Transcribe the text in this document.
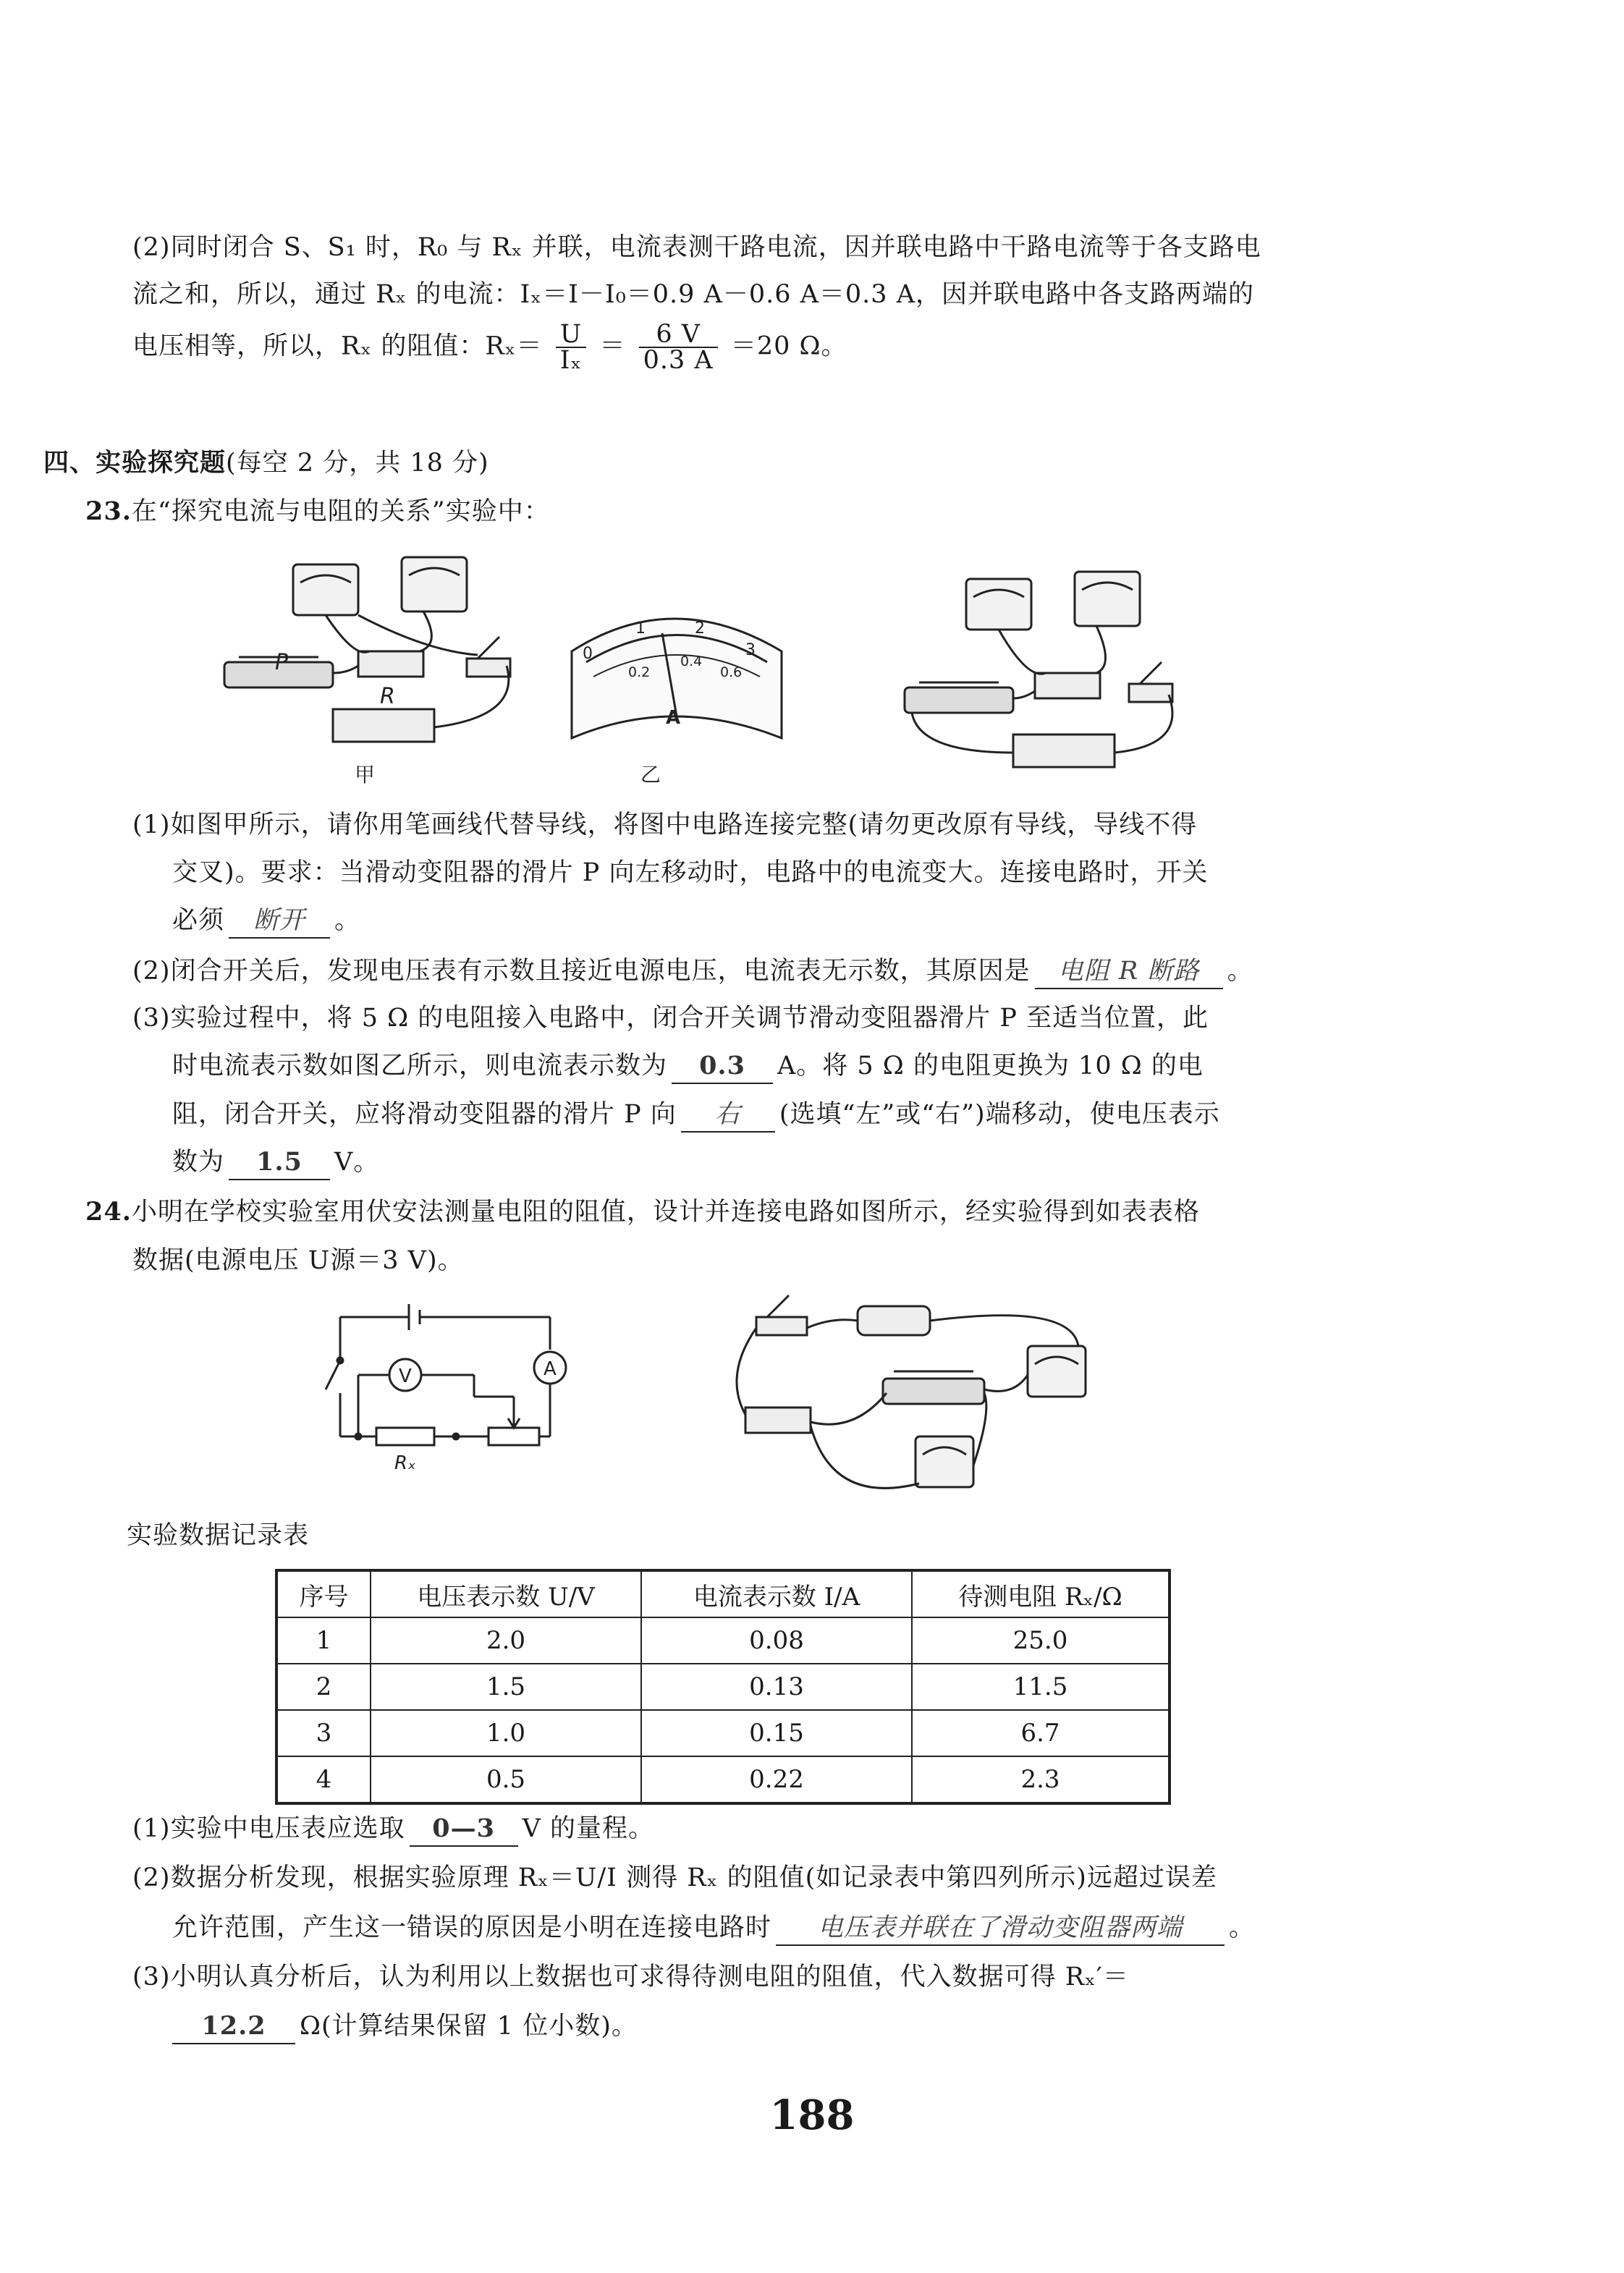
(2)同时闭合 S、S₁ 时，R₀ 与 Rₓ 并联，电流表测干路电流，因并联电路中干路电流等于各支路电
流之和，所以，通过 Rₓ 的电流：Iₓ＝I－I₀＝0.9 A－0.6 A＝0.3 A，因并联电路中各支路两端的
电压相等，所以，Rₓ 的阻值：$R_x= \frac{U}{\text{Iₓ}} = \frac{6 V}{0.3 A} =20$ Ω。
四、实验探究题(每空 2 分，共 18 分)
23.在“探究电流与电阻的关系”实验中：
P
R
甲
0
1	2
3
0.2
0.4
0.6
A
乙
(1)如图甲所示，请你用笔画线代替导线，将图中电路连接完整(请勿更改原有导线，导线不得
交叉)。要求：当滑动变阻器的滑片 P 向左移动时，电路中的电流变大。连接电路时，开关
必须 断开 。
(2)闭合开关后，发现电压表有示数且接近电源电压，电流表无示数，其原因是 电阻 R 断路 。
(3)实验过程中，将 5 Ω 的电阻接入电路中，闭合开关调节滑动变阻器滑片 P 至适当位置，此
时电流表示数如图乙所示，则电流表示数为 0.3 A。将 5 Ω 的电阻更换为 10 Ω 的电
阻，闭合开关，应将滑动变阻器的滑片 P 向 右 (选填“左”或“右”)端移动，使电压表示
数为 1.5 V。
24.小明在学校实验室用伏安法测量电阻的阻值，设计并连接电路如图所示，经实验得到如表表格
数据(电源电压 U源＝3 V)。
V	A
Rₓ
实验数据记录表
序号	电压表示数 U/V	电流表示数 I/A	待测电阻 Rₓ/Ω
1	2.0	0.08	25.0
2	1.5	0.13	11.5
3	1.0	0.15	6.7
4	0.5	0.22	2.3
(1)实验中电压表应选取 0—3 V 的量程。
(2)数据分析发现，根据实验原理 Rₓ＝U/I 测得 Rₓ 的阻值(如记录表中第四列所示)远超过误差
允许范围，产生这一错误的原因是小明在连接电路时 电压表并联在了滑动变阻器两端 。
(3)小明认真分析后，认为利用以上数据也可求得待测电阻的阻值，代入数据可得 Rₓ′＝
12.2 Ω(计算结果保留 1 位小数)。
188
